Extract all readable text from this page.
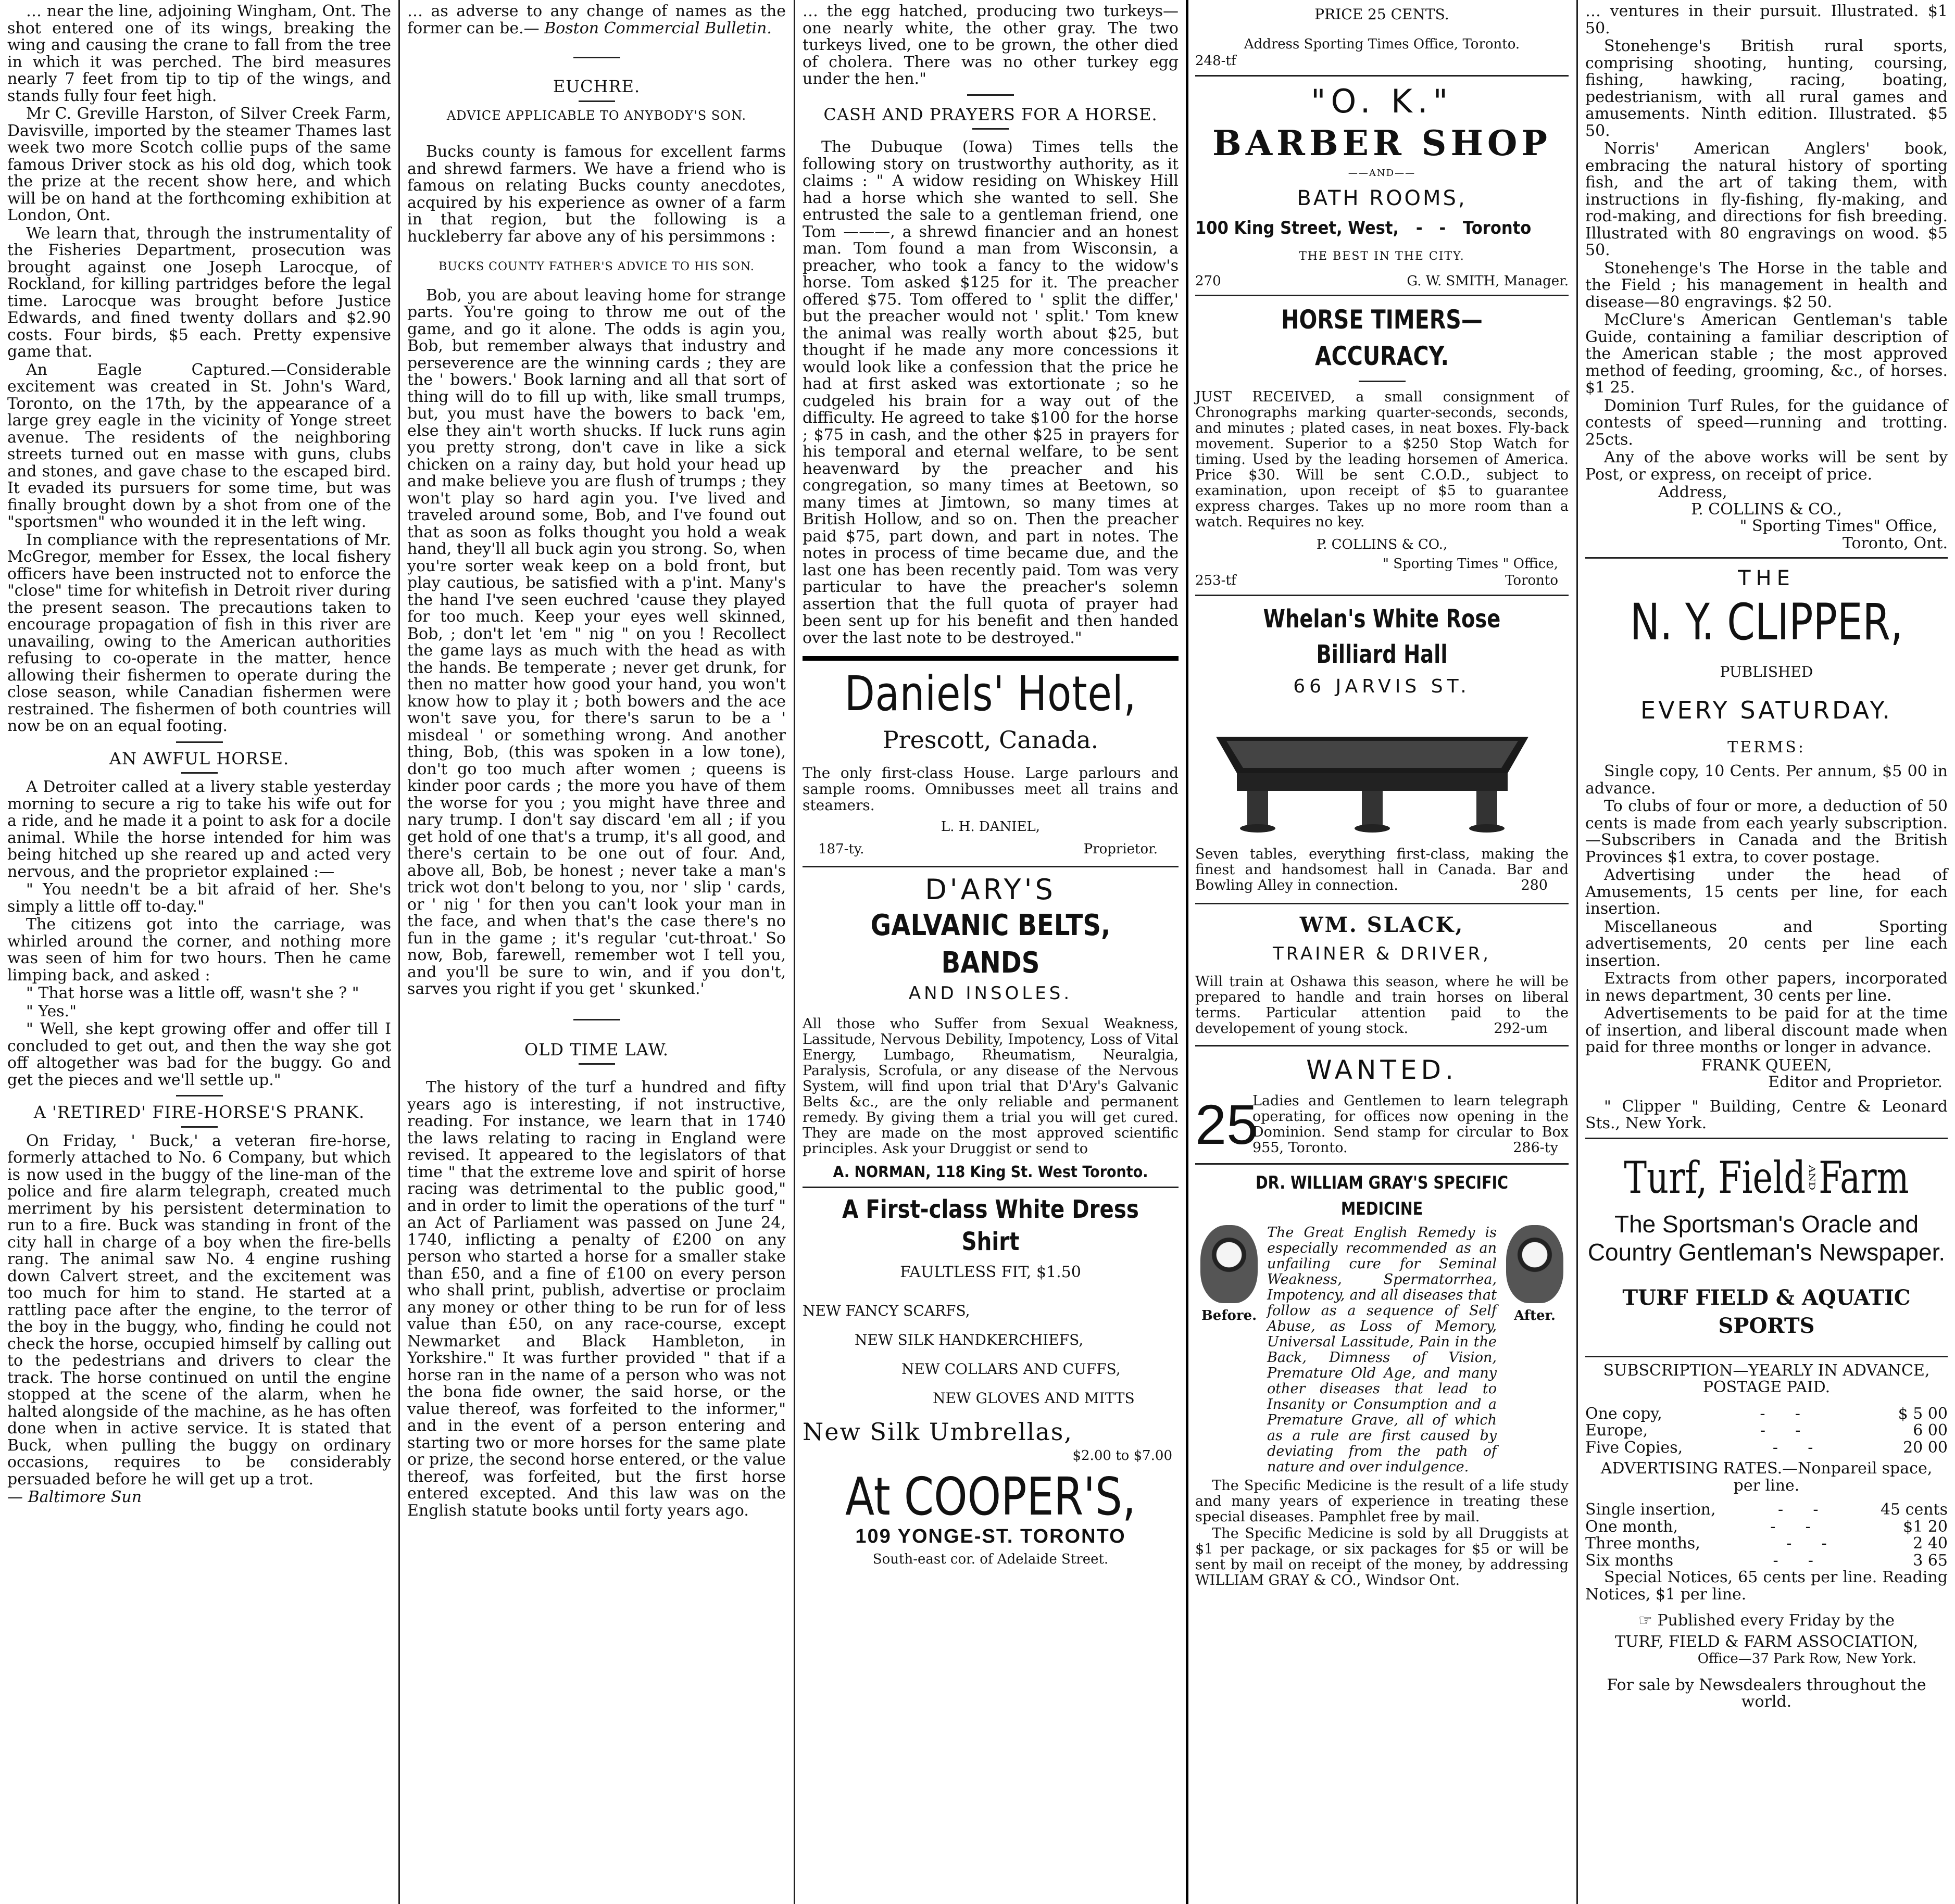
… near the line, adjoining Wingham, Ont. The shot entered one of its wings, breaking the wing and causing the crane to fall from the tree in which it was perched. The bird measures nearly 7 feet from tip to tip of the wings, and stands fully four feet high.

Mr C. Greville Harston, of Silver Creek Farm, Davisville, imported by the steamer Thames last week two more Scotch collie pups of the same famous Driver stock as his old dog, which took the prize at the recent show here, and which will be on hand at the forthcoming exhibition at London, Ont.

We learn that, through the instrumentality of the Fisheries Department, prosecution was brought against one Joseph Larocque, of Rockland, for killing partridges before the legal time. Larocque was brought before Justice Edwards, and fined twenty dollars and $2.90 costs. Four birds, $5 each. Pretty expensive game that.

An Eagle Captured.—Considerable excitement was created in St. John's Ward, Toronto, on the 17th, by the appearance of a large grey eagle in the vicinity of Yonge street avenue. The residents of the neighboring streets turned out en masse with guns, clubs and stones, and gave chase to the escaped bird. It evaded its pursuers for some time, but was finally brought down by a shot from one of the "sportsmen" who wounded it in the left wing.

In compliance with the representations of Mr. McGregor, member for Essex, the local fishery officers have been instructed not to enforce the "close" time for whitefish in Detroit river during the present season. The precautions taken to encourage propagation of fish in this river are unavailing, owing to the American authorities refusing to co-operate in the matter, hence allowing their fishermen to operate during the close season, while Canadian fishermen were restrained. The fishermen of both countries will now be on an equal footing.

AN AWFUL HORSE.

A Detroiter called at a livery stable yesterday morning to secure a rig to take his wife out for a ride, and he made it a point to ask for a docile animal. While the horse intended for him was being hitched up she reared up and acted very nervous, and the proprietor explained :—

" You needn't be a bit afraid of her. She's simply a little off to-day."

The citizens got into the carriage, was whirled around the corner, and nothing more was seen of him for two hours. Then he came limping back, and asked :

" That horse was a little off, wasn't she ? "

" Yes."

" Well, she kept growing offer and offer till I concluded to get out, and then the way she got off altogether was bad for the buggy. Go and get the pieces and we'll settle up."

A 'RETIRED' FIRE-HORSE'S PRANK.

On Friday, ' Buck,' a veteran fire-horse, formerly attached to No. 6 Company, but which is now used in the buggy of the line-man of the police and fire alarm telegraph, created much merriment by his persistent determination to run to a fire. Buck was standing in front of the city hall in charge of a boy when the fire-bells rang. The animal saw No. 4 engine rushing down Calvert street, and the excitement was too much for him to stand. He started at a rattling pace after the engine, to the terror of the boy in the buggy, who, finding he could not check the horse, occupied himself by calling out to the pedestrians and drivers to clear the track. The horse continued on until the engine stopped at the scene of the alarm, when he halted alongside of the machine, as he has often done when in active service. It is stated that Buck, when pulling the buggy on ordinary occasions, requires to be considerably persuaded before he will get up a trot.

— Baltimore Sun

… as adverse to any change of names as the former can be.— Boston Commercial Bulletin.

EUCHRE.
ADVICE APPLICABLE TO ANYBODY'S SON.

Bucks county is famous for excellent farms and shrewd farmers. We have a friend who is famous on relating Bucks county anecdotes, acquired by his experience as owner of a farm in that region, but the following is a huckleberry far above any of his persimmons :

BUCKS COUNTY FATHER'S ADVICE TO HIS SON.

Bob, you are about leaving home for strange parts. You're going to throw me out of the game, and go it alone. The odds is agin you, Bob, but remember always that industry and perseverence are the winning cards ; they are the ' bowers.' Book larning and all that sort of thing will do to fill up with, like small trumps, but, you must have the bowers to back 'em, else they ain't worth shucks. If luck runs agin you pretty strong, don't cave in like a sick chicken on a rainy day, but hold your head up and make believe you are flush of trumps ; they won't play so hard agin you. I've lived and traveled around some, Bob, and I've found out that as soon as folks thought you hold a weak hand, they'll all buck agin you strong. So, when you're sorter weak keep on a bold front, but play cautious, be satisfied with a p'int. Many's the hand I've seen euchred 'cause they played for too much. Keep your eyes well skinned, Bob, ; don't let 'em " nig " on you ! Recollect the game lays as much with the head as with the hands. Be temperate ; never get drunk, for then no matter how good your hand, you won't know how to play it ; both bowers and the ace won't save you, for there's sarun to be a ' misdeal ' or something wrong. And another thing, Bob, (this was spoken in a low tone), don't go too much after women ; queens is kinder poor cards ; the more you have of them the worse for you ; you might have three and nary trump. I don't say discard 'em all ; if you get hold of one that's a trump, it's all good, and there's certain to be one out of four. And, above all, Bob, be honest ; never take a man's trick wot don't belong to you, nor ' slip ' cards, or ' nig ' for then you can't look your man in the face, and when that's the case there's no fun in the game ; it's regular 'cut-throat.' So now, Bob, farewell, remember wot I tell you, and you'll be sure to win, and if you don't, sarves you right if you get ' skunked.'

OLD TIME LAW.

The history of the turf a hundred and fifty years ago is interesting, if not instructive, reading. For instance, we learn that in 1740 the laws relating to racing in England were revised. It appeared to the legislators of that time " that the extreme love and spirit of horse racing was detrimental to the public good," and in order to limit the operations of the turf " an Act of Parliament was passed on June 24, 1740, inflicting a penalty of £200 on any person who started a horse for a smaller stake than £50, and a fine of £100 on every person who shall print, publish, advertise or proclaim any money or other thing to be run for of less value than £50, on any race-course, except Newmarket and Black Hambleton, in Yorkshire." It was further provided " that if a horse ran in the name of a person who was not the bona fide owner, the said horse, or the value thereof, was forfeited to the informer," and in the event of a person entering and starting two or more horses for the same plate or prize, the second horse entered, or the value thereof, was forfeited, but the first horse entered excepted. And this law was on the English statute books until forty years ago.

… the egg hatched, producing two turkeys—one nearly white, the other gray. The two turkeys lived, one to be grown, the other died of cholera. There was no other turkey egg under the hen."

CASH AND PRAYERS FOR A HORSE.

The Dubuque (Iowa) Times tells the following story on trustworthy authority, as it claims : " A widow residing on Whiskey Hill had a horse which she wanted to sell. She entrusted the sale to a gentleman friend, one Tom ———, a shrewd financier and an honest man. Tom found a man from Wisconsin, a preacher, who took a fancy to the widow's horse. Tom asked $125 for it. The preacher offered $75. Tom offered to ' split the differ,' but the preacher would not ' split.' Tom knew the animal was really worth about $25, but thought if he made any more concessions it would look like a confession that the price he had at first asked was extortionate ; so he cudgeled his brain for a way out of the difficulty. He agreed to take $100 for the horse ; $75 in cash, and the other $25 in prayers for his temporal and eternal welfare, to be sent heavenward by the preacher and his congregation, so many times at Beetown, so many times at Jimtown, so many times at British Hollow, and so on. Then the preacher paid $75, part down, and part in notes. The notes in process of time became due, and the last one has been recently paid. Tom was very particular to have the preacher's solemn assertion that the full quota of prayer had been sent up for his benefit and then handed over the last note to be destroyed."

Daniels' Hotel,
Prescott, Canada.
The only first-class House. Large parlours and sample rooms. Omnibusses meet all trains and steamers.
L. H. DANIEL,
187-ty.	Proprietor.
D'ARY'S
GALVANIC BELTS, BANDS
AND INSOLES.
All those who Suffer from Sexual Weakness, Lassitude, Nervous Debility, Impotency, Loss of Vital Energy, Lumbago, Rheumatism, Neuralgia, Paralysis, Scrofula, or any disease of the Nervous System, will find upon trial that D'Ary's Galvanic Belts &c., are the only reliable and permanent remedy. By giving them a trial you will get cured. They are made on the most approved scientific principles. Ask your Druggist or send to
A. NORMAN, 118 King St. West Toronto.
A First-class White Dress Shirt
FAULTLESS FIT, $1.50
NEW FANCY SCARFS,
NEW SILK HANDKERCHIEFS,
NEW COLLARS AND CUFFS,
NEW GLOVES AND MITTS
New Silk Umbrellas,
$2.00 to $7.00
At COOPER'S,
109 YONGE-ST. TORONTO
South-east cor. of Adelaide Street.
PRICE 25 CENTS.
Address Sporting Times Office, Toronto.
248-tf
"O. K."
BARBER SHOP
——AND——
BATH ROOMS,
100 King Street, West, -   - Toronto
THE BEST IN THE CITY.
270	G. W. SMITH, Manager.
HORSE TIMERS—ACCURACY.
JUST RECEIVED, a small consignment of Chronographs marking quarter-seconds, seconds, and minutes ; plated cases, in neat boxes. Fly-back movement. Superior to a $250 Stop Watch for timing. Used by the leading horsemen of America. Price $30. Will be sent C.O.D., subject to examination, upon receipt of $5 to guarantee express charges. Takes up no more room than a watch. Requires no key.
P. COLLINS & CO.,
" Sporting Times " Office,
253-tf	Toronto
Whelan's White Rose Billiard Hall
66 JARVIS ST.
Seven tables, everything first-class, making the finest and handsomest hall in Canada. Bar and Bowling Alley in connection.	280
WM. SLACK,
TRAINER & DRIVER,
Will train at Oshawa this season, where he will be prepared to handle and train horses on liberal terms. Particular attention paid to the developement of young stock.	292-um
WANTED.
25
Ladies and Gentlemen to learn telegraph operating, for offices now opening in the Dominion. Send stamp for circular to Box 955, Toronto.	286-ty
DR. WILLIAM GRAY'S SPECIFIC MEDICINE
Before.
The Great English Remedy is especially recommended as an unfailing cure for Seminal Weakness, Spermatorrhea, Impotency, and all diseases that follow as a sequence of Self Abuse, as Loss of Memory, Universal Lassitude, Pain in the Back, Dimness of Vision, Premature Old Age, and many other diseases that lead to Insanity or Consumption and a Premature Grave, all of which as a rule are first caused by deviating from the path of nature and over indulgence.
After.

The Specific Medicine is the result of a life study and many years of experience in treating these special diseases. Pamphlet free by mail.

The Specific Medicine is sold by all Druggists at $1 per package, or six packages for $5 or will be sent by mail on receipt of the money, by addressing WILLIAM GRAY & CO., Windsor Ont.

… ventures in their pursuit. Illustrated. $1 50.

Stonehenge's British rural sports, comprising shooting, hunting, coursing, fishing, hawking, racing, boating, pedestrianism, with all rural games and amusements. Ninth edition. Illustrated. $5 50.

Norris' American Anglers' book, embracing the natural history of sporting fish, and the art of taking them, with instructions in fly-fishing, fly-making, and rod-making, and directions for fish breeding. Illustrated with 80 engravings on wood. $5 50.

Stonehenge's The Horse in the table and the Field ; his management in health and disease—80 engravings. $2 50.

McClure's American Gentleman's table Guide, containing a familiar description of the American stable ; the most approved method of feeding, grooming, &c., of horses. $1 25.

Dominion Turf Rules, for the guidance of contests of speed—running and trotting. 25cts.

Any of the above works will be sent by Post, or express, on receipt of price.

Address,
P. COLLINS & CO.,
" Sporting Times" Office,
Toronto, Ont.
THE
N. Y. CLIPPER,
PUBLISHED
EVERY SATURDAY.
TERMS:

Single copy, 10 Cents. Per annum, $5 00 in advance.

To clubs of four or more, a deduction of 50 cents is made from each yearly subscription.—Subscribers in Canada and the British Provinces $1 extra, to cover postage.

Advertising under the head of Amusements, 15 cents per line, for each insertion.

Miscellaneous and Sporting advertisements, 20 cents per line each insertion.

Extracts from other papers, incorporated in news department, 30 cents per line.

Advertisements to be paid for at the time of insertion, and liberal discount made when paid for three months or longer in advance.

FRANK QUEEN,
Editor and Proprietor.

" Clipper " Building, Centre & Leonard Sts., New York.

Turf, Field AND Farm
The Sportsman's Oracle and Country Gentleman's Newspaper.
TURF FIELD & AQUATIC SPORTS
SUBSCRIPTION—YEARLY IN ADVANCE, POSTAGE PAID.
One copy,	-      -	$ 5 00
Europe,	-      -	6 00
Five Copies,	-      -	20 00
ADVERTISING RATES.—Nonpareil space, per line.
Single insertion,	-      -	45 cents
One month,	-      -	$1 20
Three months,	-      -	2 40
Six months	-      -	3 65

Special Notices, 65 cents per line. Reading Notices, $1 per line.

☞ Published every Friday by the
TURF, FIELD & FARM ASSOCIATION,
Office—37 Park Row, New York.
For sale by Newsdealers throughout the world.
